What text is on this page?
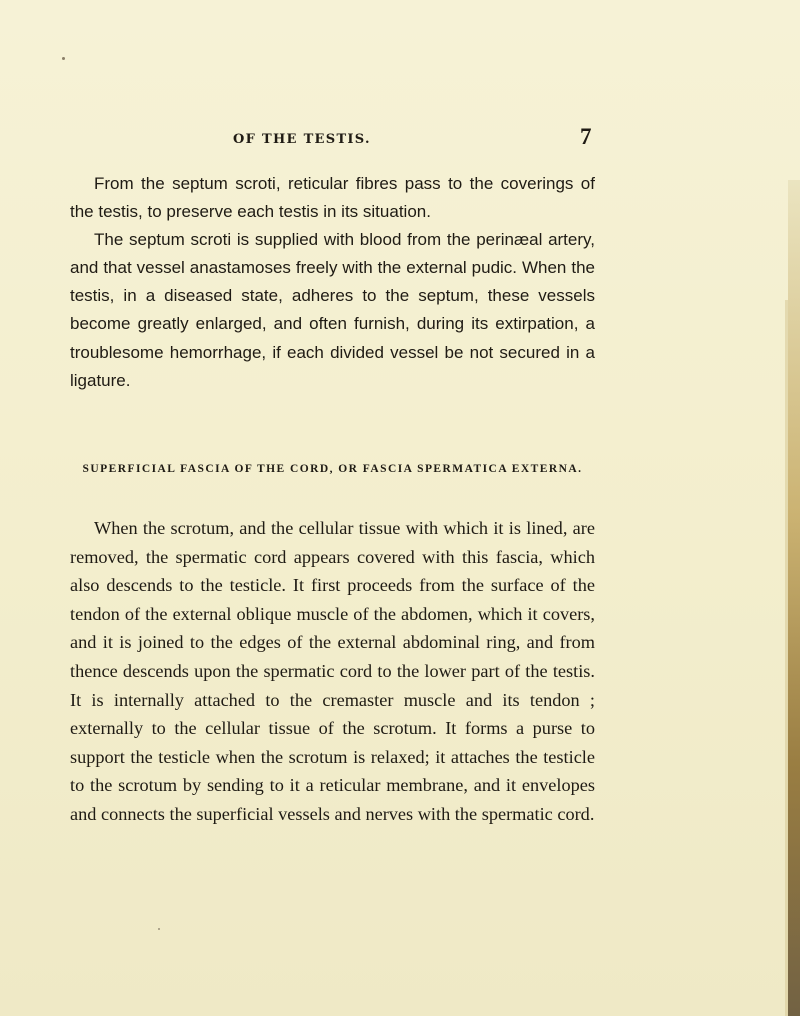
OF THE TESTIS.	7

From the septum scroti, reticular fibres pass to the coverings of the testis, to preserve each testis in its situation.

The septum scroti is supplied with blood from the perinæal artery, and that vessel anastamoses freely with the external pudic. When the testis, in a diseased state, adheres to the septum, these vessels become greatly enlarged, and often furnish, during its extirpation, a troublesome hemorrhage, if each divided vessel be not secured in a ligature.

SUPERFICIAL FASCIA OF THE CORD, OR FASCIA SPERMATICA EXTERNA.

When the scrotum, and the cellular tissue with which it is lined, are removed, the spermatic cord appears covered with this fascia, which also descends to the testicle. It first proceeds from the surface of the tendon of the external oblique muscle of the abdomen, which it covers, and it is joined to the edges of the external abdominal ring, and from thence descends upon the spermatic cord to the lower part of the testis. It is internally attached to the cremaster muscle and its tendon ; externally to the cellular tissue of the scrotum. It forms a purse to support the testicle when the scrotum is relaxed; it attaches the testicle to the scrotum by sending to it a reticular membrane, and it envelopes and connects the superficial vessels and nerves with the spermatic cord.
